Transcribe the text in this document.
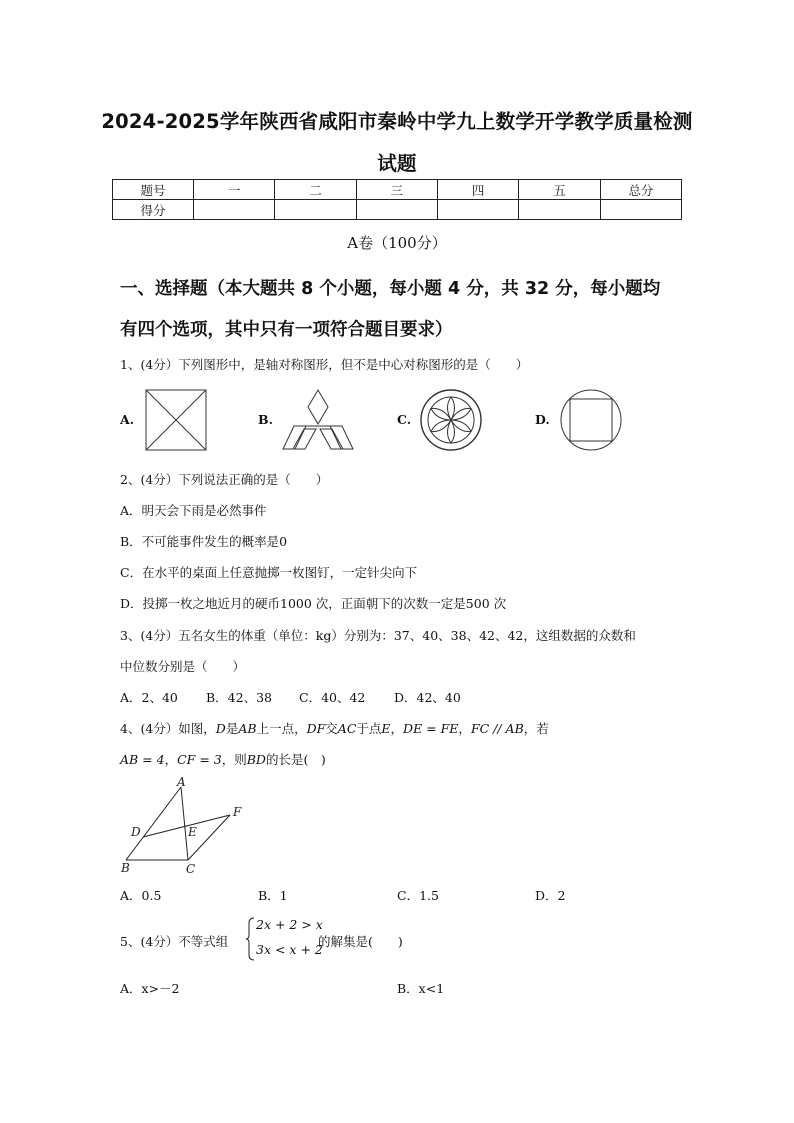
2024-2025学年陕西省咸阳市秦岭中学九上数学开学教学质量检测
试题
题号	一	二	三	四	五	总分
得分						
A卷（100分）
一、选择题（本大题共 8 个小题，每小题 4 分，共 32 分，每小题均
有四个选项，其中只有一项符合题目要求）
1、(4分）下列图形中，是轴对称图形，但不是中心对称图形的是（　　）
A.	B.	C.	D.
2、(4分）下列说法正确的是（　　）
A．明天会下雨是必然事件
B．不可能事件发生的概率是0
C．在水平的桌面上任意抛掷一枚图钉，一定针尖向下
D．投掷一枚之地近月的硬币1000 次，正面朝下的次数一定是500 次
3、(4分）五名女生的体重（单位：kg）分别为：37、40、38、42、42，这组数据的众数和
中位数分别是（　　）
A．2、40 B．42、38 C．40、42 D．42、40
4、(4分）如图，D是AB上一点，DF交AC于点E，DE = FE，FC // AB，若
AB = 4，CF = 3，则BD的长是(　)
A
F
D	E
B	C
A．0.5	B．1	C．1.5	D．2
5、(4分）不等式组
2x + 2 > x
3x < x + 2
的解集是(　　)
A．x>－2	B．x<1
